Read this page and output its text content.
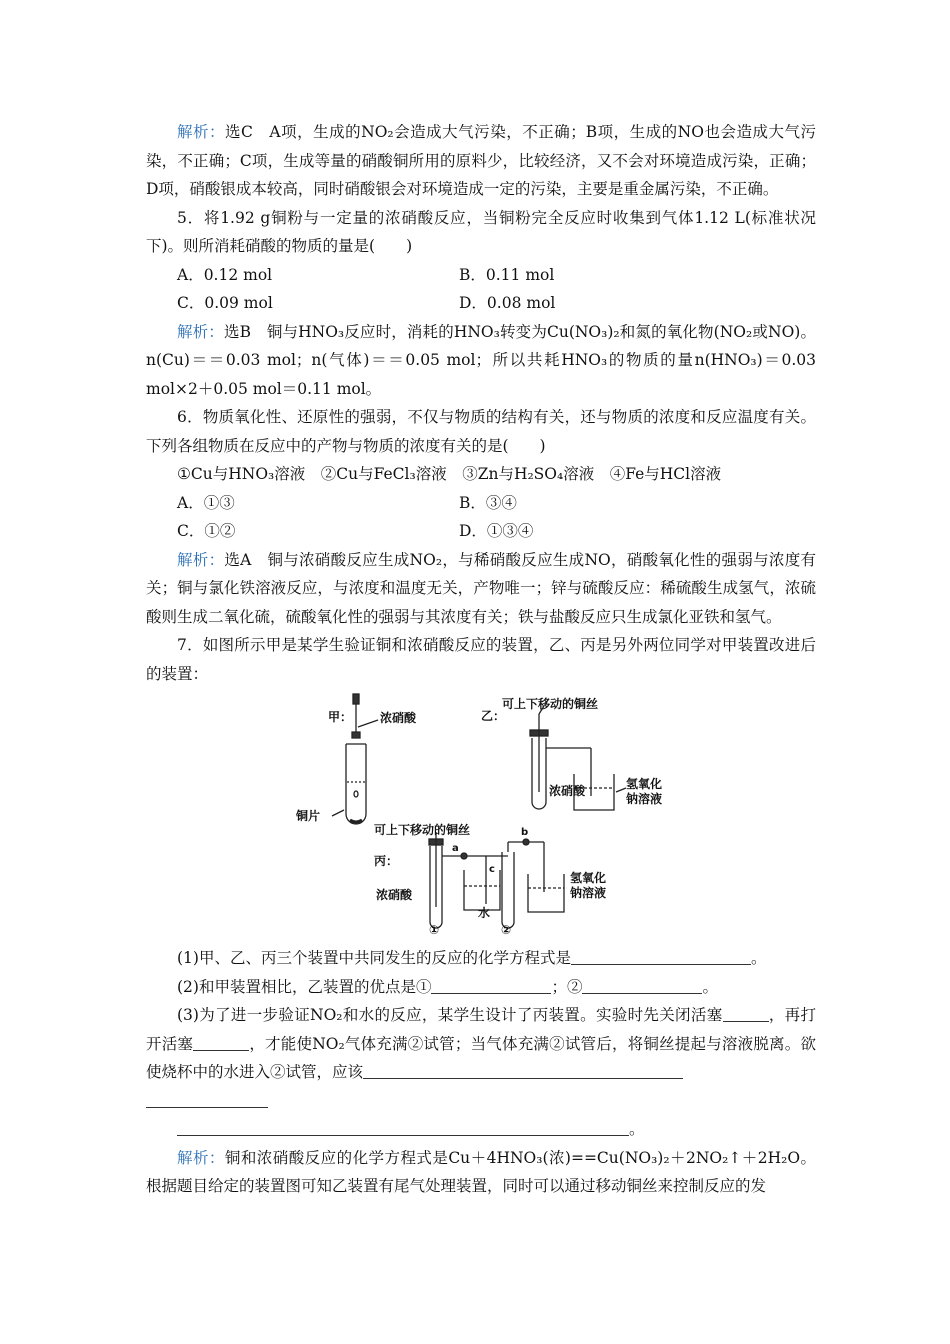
解析：选C　A项，生成的NO₂会造成大气污染，不正确；B项，生成的NO也会造成大气污染，不正确；C项，生成等量的硝酸铜所用的原料少，比较经济，又不会对环境造成污染，正确；D项，硝酸银成本较高，同时硝酸银会对环境造成一定的污染，主要是重金属污染，不正确。

5．将1.92 g铜粉与一定量的浓硝酸反应，当铜粉完全反应时收集到气体1.12 L(标准状况下)。则所消耗硝酸的物质的量是(　　)

A．0.12 mol	B．0.11 mol
C．0.09 mol	D．0.08 mol

解析：选B　铜与HNO₃反应时，消耗的HNO₃转变为Cu(NO₃)₂和氮的氧化物(NO₂或NO)。n(Cu)＝＝0.03 mol；n(气体)＝＝0.05 mol；所以共耗HNO₃的物质的量n(HNO₃)＝0.03 mol×2＋0.05 mol＝0.11 mol。

6．物质氧化性、还原性的强弱，不仅与物质的结构有关，还与物质的浓度和反应温度有关。下列各组物质在反应中的产物与物质的浓度有关的是(　　)

①Cu与HNO₃溶液　②Cu与FeCl₃溶液　③Zn与H₂SO₄溶液　④Fe与HCl溶液

A．①③	B．③④
C．①②	D．①③④

解析：选A　铜与浓硝酸反应生成NO₂，与稀硝酸反应生成NO，硝酸氧化性的强弱与浓度有关；铜与氯化铁溶液反应，与浓度和温度无关，产物唯一；锌与硫酸反应：稀硫酸生成氢气，浓硫酸则生成二氧化硫，硫酸氧化性的强弱与其浓度有关；铁与盐酸反应只生成氯化亚铁和氢气。

7．如图所示甲是某学生验证铜和浓硝酸反应的装置，乙、丙是另外两位同学对甲装置改进后的装置：

甲： 浓硝酸
铜片
乙：
可上下移动的铜丝
浓硝酸	氢氧化
钠溶液
可上下移动的铜丝
丙：
浓硝酸
a
b
c
水
①	②
氢氧化
钠溶液

(1)甲、乙、丙三个装置中共同发生的反应的化学方程式是	。

(2)和甲装置相比，乙装置的优点是①	；②	。

(3)为了进一步验证NO₂和水的反应，某学生设计了丙装置。实验时先关闭活塞	，再打开活塞	，才能使NO₂气体充满②试管；当气体充满②试管后，将铜丝提起与溶液脱离。欲使烧杯中的水进入②试管，应该

。

解析：铜和浓硝酸反应的化学方程式是Cu＋4HNO₃(浓)==Cu(NO₃)₂＋2NO₂↑＋2H₂O。根据题目给定的装置图可知乙装置有尾气处理装置，同时可以通过移动铜丝来控制反应的发
